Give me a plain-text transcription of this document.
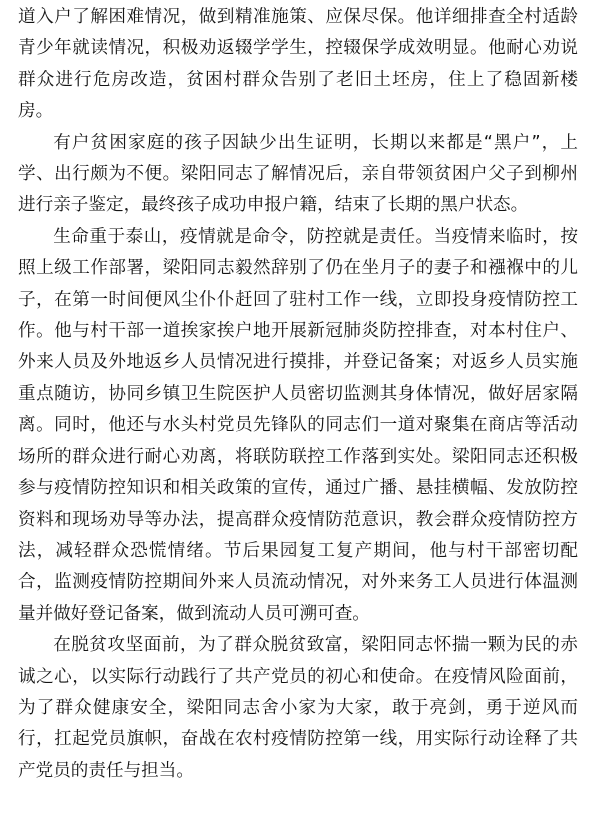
道入户了解困难情况，做到精准施策、应保尽保。他详细排查全村适龄青少年就读情况，积极劝返辍学学生，控辍保学成效明显。他耐心劝说群众进行危房改造，贫困村群众告别了老旧土坯房，住上了稳固新楼房。

有户贫困家庭的孩子因缺少出生证明，长期以来都是“黑户”，上学、出行颇为不便。梁阳同志了解情况后，亲自带领贫困户父子到柳州进行亲子鉴定，最终孩子成功申报户籍，结束了长期的黑户状态。

生命重于泰山，疫情就是命令，防控就是责任。当疫情来临时，按照上级工作部署，梁阳同志毅然辞别了仍在坐月子的妻子和襁褓中的儿子，在第一时间便风尘仆仆赶回了驻村工作一线，立即投身疫情防控工作。他与村干部一道挨家挨户地开展新冠肺炎防控排查，对本村住户、外来人员及外地返乡人员情况进行摸排，并登记备案；对返乡人员实施重点随访，协同乡镇卫生院医护人员密切监测其身体情况，做好居家隔离。同时，他还与水头村党员先锋队的同志们一道对聚集在商店等活动场所的群众进行耐心劝离，将联防联控工作落到实处。梁阳同志还积极参与疫情防控知识和相关政策的宣传，通过广播、悬挂横幅、发放防控资料和现场劝导等办法，提高群众疫情防范意识，教会群众疫情防控方法，减轻群众恐慌情绪。节后果园复工复产期间，他与村干部密切配合，监测疫情防控期间外来人员流动情况，对外来务工人员进行体温测量并做好登记备案，做到流动人员可溯可查。

在脱贫攻坚面前，为了群众脱贫致富，梁阳同志怀揣一颗为民的赤诚之心，以实际行动践行了共产党员的初心和使命。在疫情风险面前，为了群众健康安全，梁阳同志舍小家为大家，敢于亮剑，勇于逆风而行，扛起党员旗帜，奋战在农村疫情防控第一线，用实际行动诠释了共产党员的责任与担当。
